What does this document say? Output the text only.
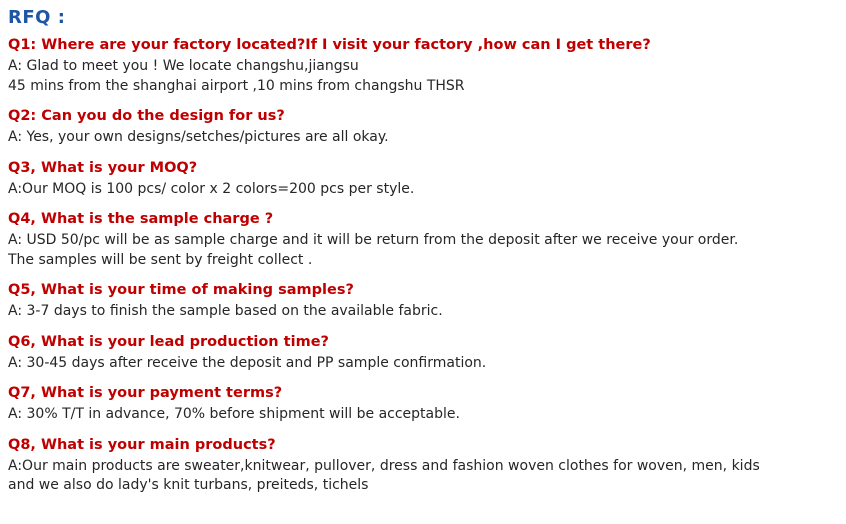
RFQ :

Q1: Where are your factory located?If I visit your factory ,how can I get there?

A: Glad to meet you ! We locate changshu,jiangsu

45 mins from the shanghai airport ,10 mins from changshu THSR

Q2: Can you do the design for us?

A: Yes, your own designs/setches/pictures are all okay.

Q3, What is your MOQ?

A:Our MOQ is 100 pcs/ color x 2 colors=200 pcs per style.

Q4, What is the sample charge ?

A: USD 50/pc will be as sample charge and it will be return from the deposit after we receive your order.

The samples will be sent by freight collect .

Q5, What is your time of making samples?

A: 3-7 days to finish the sample based on the available fabric.

Q6, What is your lead production time?

A: 30-45 days after receive the deposit and PP sample confirmation.

Q7, What is your payment terms?

A: 30% T/T in advance, 70% before shipment will be acceptable.

Q8, What is your main products?

A:Our main products are sweater,knitwear, pullover, dress and fashion woven clothes for woven, men, kids

and we also do lady's knit turbans, preiteds, tichels
